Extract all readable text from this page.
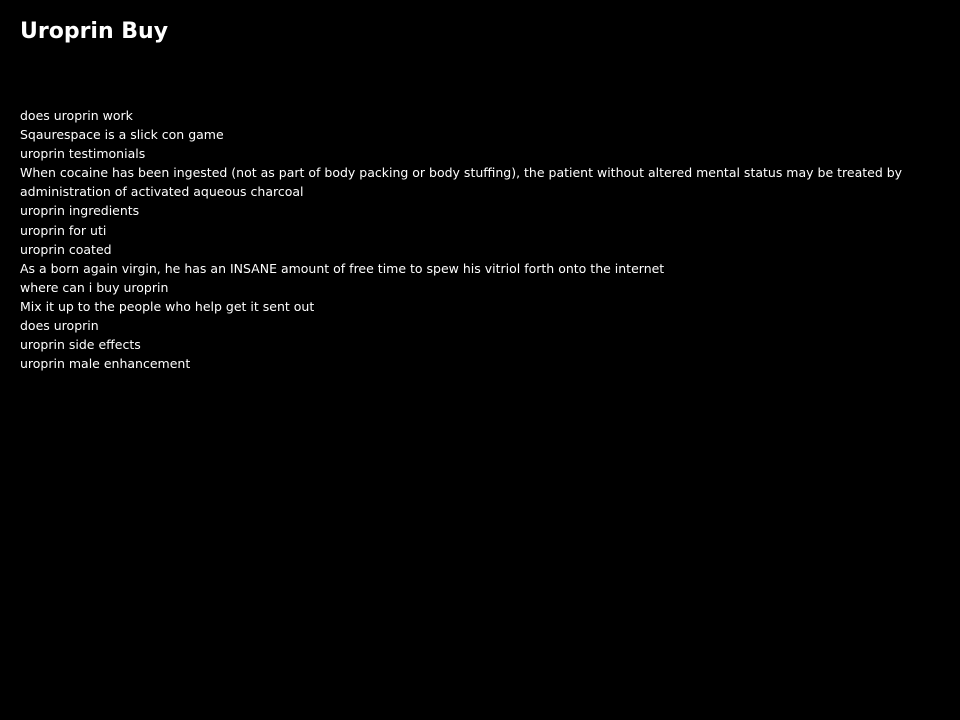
Uroprin Buy
does uroprin work
Sqaurespace is a slick con game
uroprin testimonials
When cocaine has been ingested (not as part of body packing or body stuffing), the patient without altered mental status may be treated by administration of activated aqueous charcoal
uroprin ingredients
uroprin for uti
uroprin coated
As a born again virgin, he has an INSANE amount of free time to spew his vitriol forth onto the internet
where can i buy uroprin
Mix it up to the people who help get it sent out
does uroprin
uroprin side effects
uroprin male enhancement
